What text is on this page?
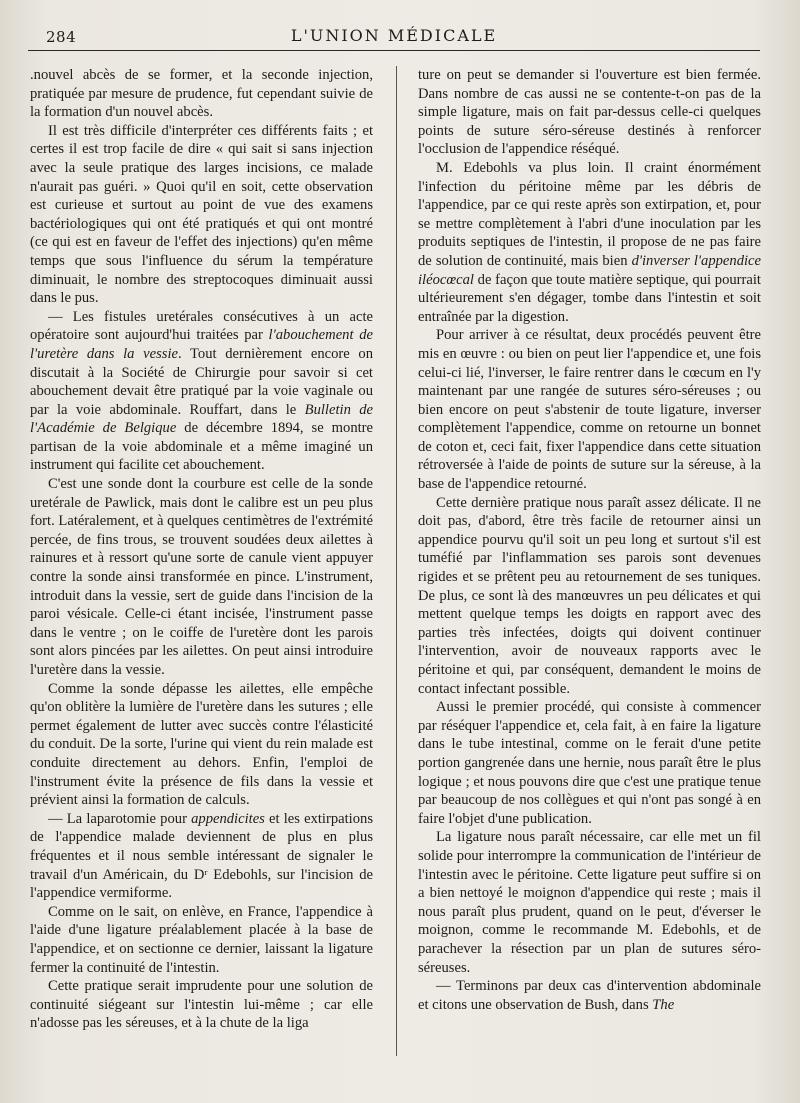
284	L'UNION MÉDICALE

.nouvel abcès de se former, et la seconde injection, pratiquée par mesure de prudence, fut cependant suivie de la formation d'un nouvel abcès.

Il est très difficile d'interpréter ces différents faits ; et certes il est trop facile de dire « qui sait si sans injection avec la seule pratique des larges incisions, ce malade n'aurait pas guéri. » Quoi qu'il en soit, cette observation est curieuse et surtout au point de vue des examens bactériologiques qui ont été pratiqués et qui ont montré (ce qui est en faveur de l'effet des injections) qu'en même temps que sous l'influence du sérum la température diminuait, le nombre des streptocoques diminuait aussi dans le pus.

— Les fistules uretérales consécutives à un acte opératoire sont aujourd'hui traitées par l'abouchement de l'uretère dans la vessie. Tout dernièrement encore on discutait à la Société de Chirurgie pour savoir si cet abouchement devait être pratiqué par la voie vaginale ou par la voie abdominale. Rouffart, dans le Bulletin de l'Académie de Belgique de décembre 1894, se montre partisan de la voie abdominale et a même imaginé un instrument qui facilite cet abouchement.

C'est une sonde dont la courbure est celle de la sonde uretérale de Pawlick, mais dont le calibre est un peu plus fort. Latéralement, et à quelques centimètres de l'extrémité percée, de fins trous, se trouvent soudées deux ailettes à rainures et à ressort qu'une sorte de canule vient appuyer contre la sonde ainsi transformée en pince. L'instrument, introduit dans la vessie, sert de guide dans l'incision de la paroi vésicale. Celle-ci étant incisée, l'instrument passe dans le ventre ; on le coiffe de l'uretère dont les parois sont alors pincées par les ailettes. On peut ainsi introduire l'uretère dans la vessie.

Comme la sonde dépasse les ailettes, elle empêche qu'on oblitère la lumière de l'uretère dans les sutures ; elle permet également de lutter avec succès contre l'élasticité du conduit. De la sorte, l'urine qui vient du rein malade est conduite directement au dehors. Enfin, l'emploi de l'instrument évite la présence de fils dans la vessie et prévient ainsi la formation de calculs.

— La laparotomie pour appendicites et les extirpations de l'appendice malade deviennent de plus en plus fréquentes et il nous semble intéressant de signaler le travail d'un Américain, du Dʳ Edebohls, sur l'incision de l'appendice vermiforme.

Comme on le sait, on enlève, en France, l'appendice à l'aide d'une ligature préalablement placée à la base de l'appendice, et on sectionne ce dernier, laissant la ligature fermer la continuité de l'intestin.

Cette pratique serait imprudente pour une solution de continuité siégeant sur l'intestin lui-même ; car elle n'adosse pas les séreuses, et à la chute de la liga

ture on peut se demander si l'ouverture est bien fermée. Dans nombre de cas aussi ne se contente-t-on pas de la simple ligature, mais on fait par-dessus celle-ci quelques points de suture séro-séreuse destinés à renforcer l'occlusion de l'appendice réséqué.

M. Edebohls va plus loin. Il craint énormément l'infection du péritoine même par les débris de l'appendice, par ce qui reste après son extirpation, et, pour se mettre complètement à l'abri d'une inoculation par les produits septiques de l'intestin, il propose de ne pas faire de solution de continuité, mais bien d'inverser l'appendice iléocœcal de façon que toute matière septique, qui pourrait ultérieurement s'en dégager, tombe dans l'intestin et soit entraînée par la digestion.

Pour arriver à ce résultat, deux procédés peuvent être mis en œuvre : ou bien on peut lier l'appendice et, une fois celui-ci lié, l'inverser, le faire rentrer dans le cœcum en l'y maintenant par une rangée de sutures séro-séreuses ; ou bien encore on peut s'abstenir de toute ligature, inverser complètement l'appendice, comme on retourne un bonnet de coton et, ceci fait, fixer l'appendice dans cette situation rétroversée à l'aide de points de suture sur la séreuse, à la base de l'appendice retourné.

Cette dernière pratique nous paraît assez délicate. Il ne doit pas, d'abord, être très facile de retourner ainsi un appendice pourvu qu'il soit un peu long et surtout s'il est tuméfié par l'inflammation ses parois sont devenues rigides et se prêtent peu au retournement de ses tuniques. De plus, ce sont là des manœuvres un peu délicates et qui mettent quelque temps les doigts en rapport avec des parties très infectées, doigts qui doivent continuer l'intervention, avoir de nouveaux rapports avec le péritoine et qui, par conséquent, demandent le moins de contact infectant possible.

Aussi le premier procédé, qui consiste à commencer par réséquer l'appendice et, cela fait, à en faire la ligature dans le tube intestinal, comme on le ferait d'une petite portion gangrenée dans une hernie, nous paraît être le plus logique ; et nous pouvons dire que c'est une pratique tenue par beaucoup de nos collègues et qui n'ont pas songé à en faire l'objet d'une publication.

La ligature nous paraît nécessaire, car elle met un fil solide pour interrompre la communication de l'intérieur de l'intestin avec le péritoine. Cette ligature peut suffire si on a bien nettoyé le moignon d'appendice qui reste ; mais il nous paraît plus prudent, quand on le peut, d'éverser le moignon, comme le recommande M. Edebohls, et de parachever la résection par un plan de sutures séro-séreuses.

— Terminons par deux cas d'intervention abdominale et citons une observation de Bush, dans The
